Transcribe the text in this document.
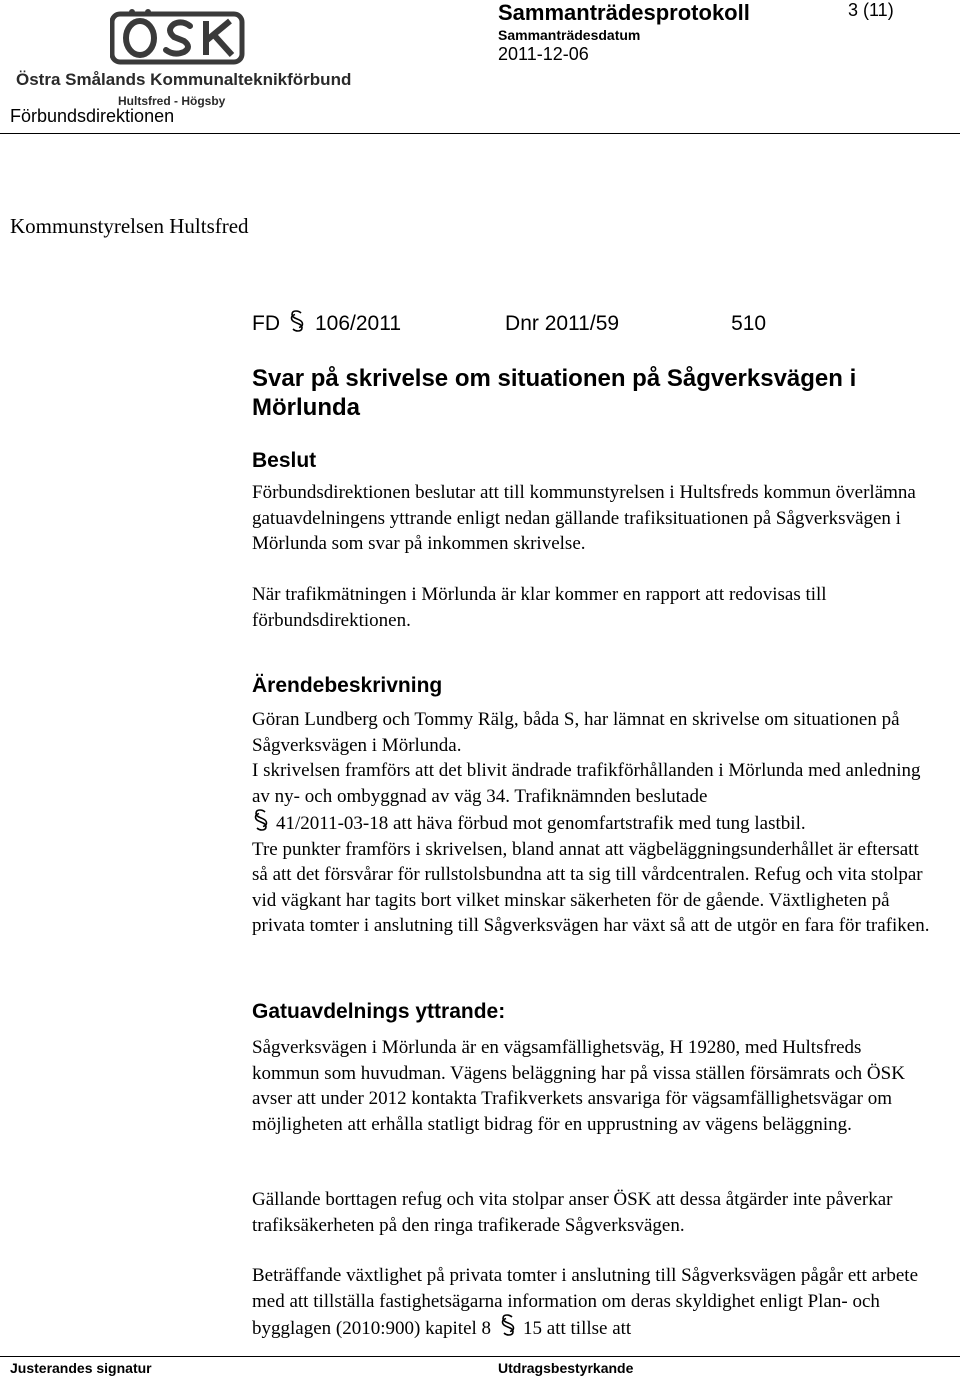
Östra Smålands Kommunalteknikförbund
Hultsfred - Högsby
Förbundsdirektionen
Sammanträdesprotokoll
Sammanträdesdatum
2011-12-06
3 (11)
Kommunstyrelsen Hultsfred
FD 106/2011	Dnr 2011/59	510
Svar på skrivelse om situationen på Sågverksvägen i Mörlunda
Beslut
Förbundsdirektionen beslutar att till kommunstyrelsen i Hultsfreds kommun överlämna gatuavdelningens yttrande enligt nedan gällande trafiksituationen på Sågverksvägen i Mörlunda som svar på inkommen skrivelse.
När trafikmätningen i Mörlunda är klar kommer en rapport att redovisas till förbundsdirektionen.
Ärendebeskrivning
Göran Lundberg och Tommy Rälg, båda S, har lämnat en skrivelse om situationen på Sågverksvägen i Mörlunda.
I skrivelsen framförs att det blivit ändrade trafikförhållanden i Mörlunda med anledning av ny- och ombyggnad av väg 34. Trafiknämnden beslutade
41/2011-03-18 att häva förbud mot genomfartstrafik med tung lastbil.
Tre punkter framförs i skrivelsen, bland annat att vägbeläggningsunderhållet är eftersatt så att det försvårar för rullstolsbundna att ta sig till vårdcentralen. Refug och vita stolpar vid vägkant har tagits bort vilket minskar säkerheten för de gående. Växtligheten på privata tomter i anslutning till Sågverksvägen har växt så att de utgör en fara för trafiken.
Gatuavdelnings yttrande:
Sågverksvägen i Mörlunda är en vägsamfällighetsväg, H 19280, med Hultsfreds kommun som huvudman. Vägens beläggning har på vissa ställen försämrats och ÖSK avser att under 2012 kontakta Trafikverkets ansvariga för vägsamfällighetsvägar om möjligheten att erhålla statligt bidrag för en upprustning av vägens beläggning.
Gällande borttagen refug och vita stolpar anser ÖSK att dessa åtgärder inte påverkar trafiksäkerheten på den ringa trafikerade Sågverksvägen.
Beträffande växtlighet på privata tomter i anslutning till Sågverksvägen pågår ett arbete med att tillställa fastighetsägarna information om deras skyldighet enligt Plan- och bygglagen (2010:900) kapitel 8 15 att tillse att
Justerandes signatur	Utdragsbestyrkande
